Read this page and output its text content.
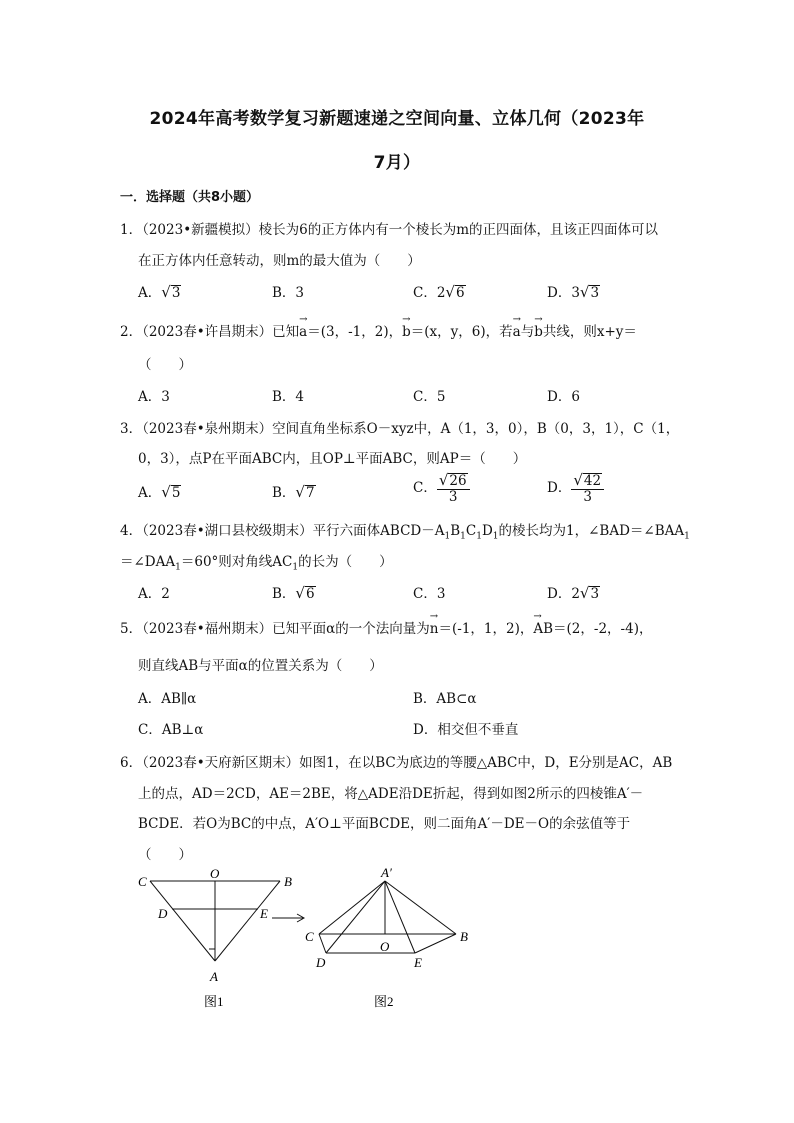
2024年高考数学复习新题速递之空间向量、立体几何（2023年
7月）
一．选择题（共8小题）
1．（2023•新疆模拟）棱长为6的正方体内有一个棱长为m的正四面体，且该正四面体可以
在正方体内任意转动，则m的最大值为（　　）
A．√3	B．3	C．2√6	D．3√3
2．（2023春•许昌期末）已知→ a＝(3，-1，2)，→ b＝(x，y，6)，若→ a与→ b共线，则x+y＝
（　　）
A．3	B．4	C．5	D．6
3．（2023春•泉州期末）空间直角坐标系O－xyz中，A（1，3，0），B（0，3，1），C（1，
0，3），点P在平面ABC内，且OP⊥平面ABC，则AP＝（　　）
A．√5	B．√7	C． $\frac{√26}{3}$	D． $\frac{√42}{3}$
4．（2023春•湖口县校级期末）平行六面体$ABCD-A_1B_1C_1D_1$的棱长均为1，$\angle BAD=\angle BAA_1$
$=\angle DAA_1=60^\circ$则对角线$AC_1$的长为（　　）
A．2	B．√6	C．3	D．2√3
5．（2023春•福州期末）已知平面α的一个法向量为→ n＝(-1，1，2)，→ AB＝(2，-2，-4)，
则直线AB与平面α的位置关系为（　　）
A．AB∥α	B．AB⊂α
C．AB⊥α	D．相交但不垂直
6．（2023春•天府新区期末）如图1，在以BC为底边的等腰△ABC中，D，E分别是AC，AB
上的点，AD＝2CD，AE＝2BE，将△ADE沿DE折起，得到如图2所示的四棱锥A′－
BCDE．若O为BC的中点，A′O⊥平面BCDE，则二面角A′－DE－O的余弦值等于
（　　）
C
O
B
D	E
A
图1
A′
C	B
D	E
O
图2
